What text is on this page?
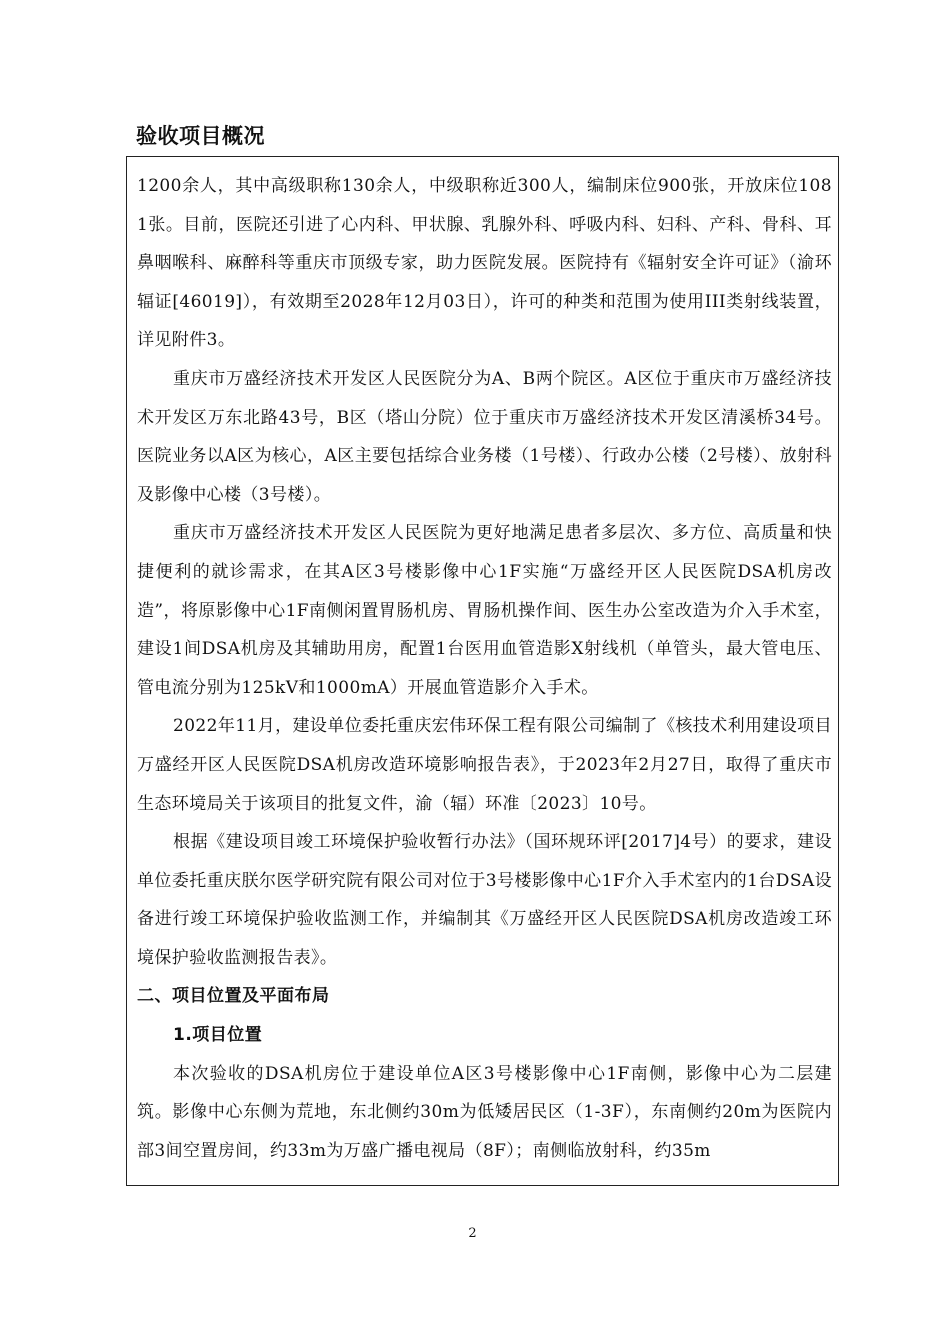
验收项目概况

1200余人，其中高级职称130余人，中级职称近300人，编制床位900张，开放床位1081张。目前，医院还引进了心内科、甲状腺、乳腺外科、呼吸内科、妇科、产科、骨科、耳鼻咽喉科、麻醉科等重庆市顶级专家，助力医院发展。医院持有《辐射安全许可证》（渝环辐证[46019]），有效期至2028年12月03日），许可的种类和范围为使用III类射线装置，详见附件3。

重庆市万盛经济技术开发区人民医院分为A、B两个院区。A区位于重庆市万盛经济技术开发区万东北路43号，B区（塔山分院）位于重庆市万盛经济技术开发区清溪桥34号。医院业务以A区为核心，A区主要包括综合业务楼（1号楼）、行政办公楼（2号楼）、放射科及影像中心楼（3号楼）。

重庆市万盛经济技术开发区人民医院为更好地满足患者多层次、多方位、高质量和快捷便利的就诊需求，在其A区3号楼影像中心1F实施“万盛经开区人民医院DSA机房改造”，将原影像中心1F南侧闲置胃肠机房、胃肠机操作间、医生办公室改造为介入手术室，建设1间DSA机房及其辅助用房，配置1台医用血管造影X射线机（单管头，最大管电压、管电流分别为125kV和1000mA）开展血管造影介入手术。

2022年11月，建设单位委托重庆宏伟环保工程有限公司编制了《核技术利用建设项目万盛经开区人民医院DSA机房改造环境影响报告表》，于2023年2月27日，取得了重庆市生态环境局关于该项目的批复文件，渝（辐）环准〔2023〕10号。

根据《建设项目竣工环境保护验收暂行办法》（国环规环评[2017]4号）的要求，建设单位委托重庆朕尔医学研究院有限公司对位于3号楼影像中心1F介入手术室内的1台DSA设备进行竣工环境保护验收监测工作，并编制其《万盛经开区人民医院DSA机房改造竣工环境保护验收监测报告表》。

二、项目位置及平面布局

1.项目位置

本次验收的DSA机房位于建设单位A区3号楼影像中心1F南侧，影像中心为二层建筑。影像中心东侧为荒地，东北侧约30m为低矮居民区（1-3F），东南侧约20m为医院内部3间空置房间，约33m为万盛广播电视局（8F）；南侧临放射科，约35m

2
